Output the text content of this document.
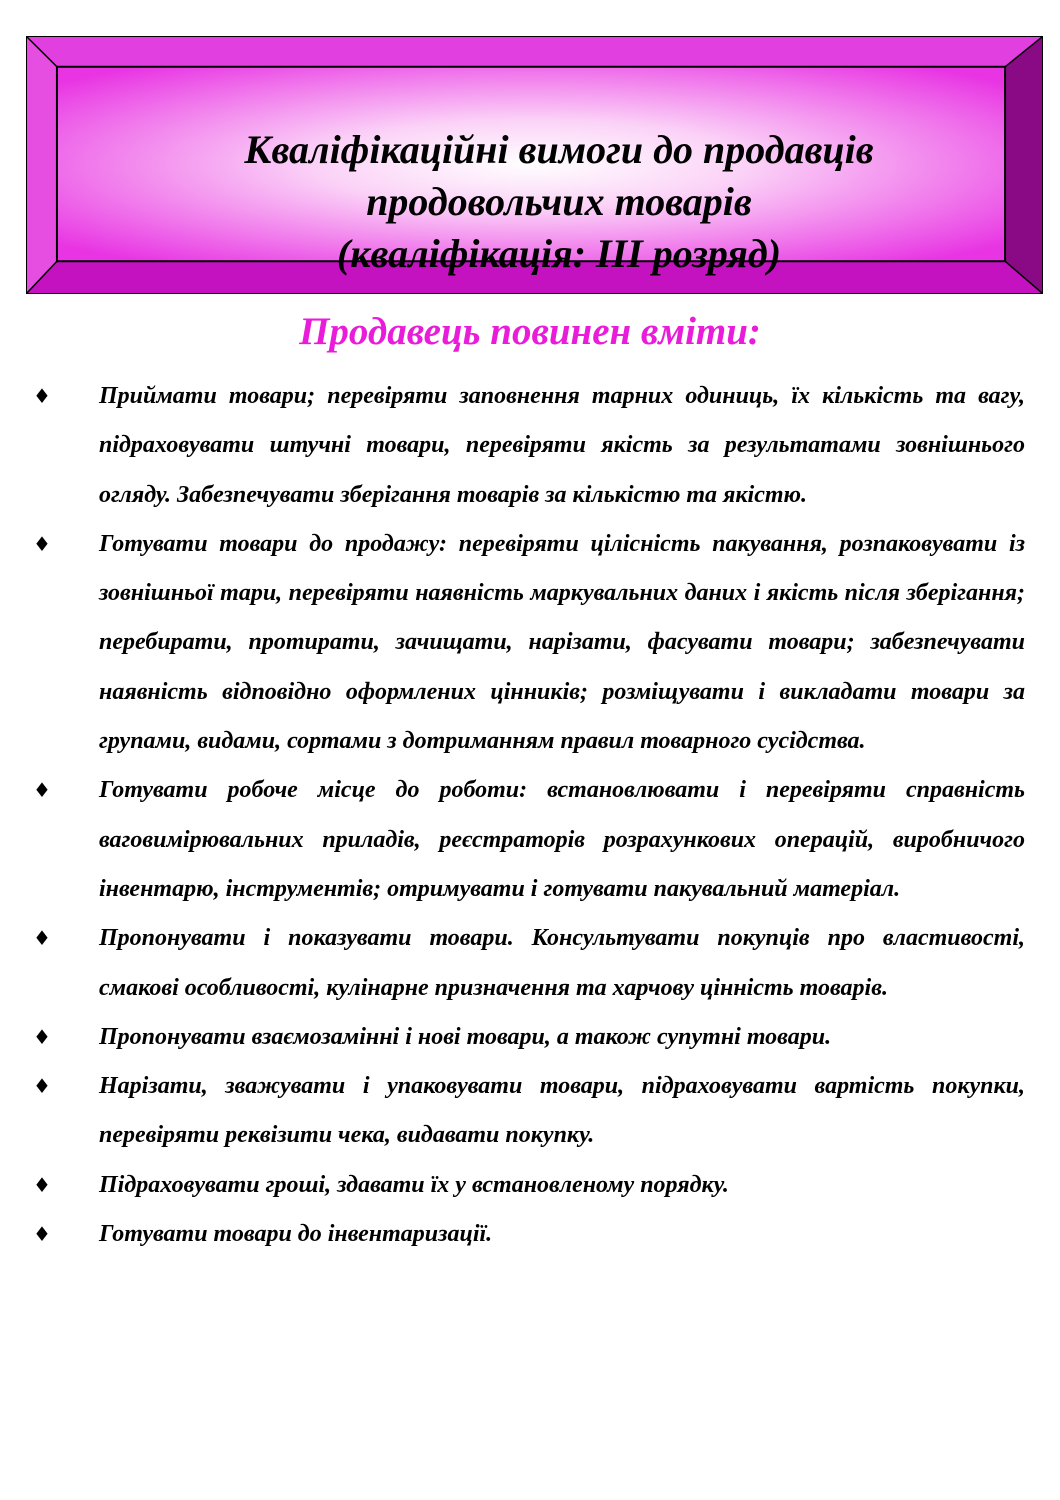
Кваліфікаційні вимоги до продавців
продовольчих товарів
(кваліфікація: ІІІ розряд)
Продавець повинен вміти:
♦ Приймати товари; перевіряти заповнення тарних одиниць, їх кількість та вагу, підраховувати штучні товари, перевіряти якість за результатами зовнішнього огляду. Забезпечувати зберігання товарів за кількістю та якістю.
♦ Готувати товари до продажу: перевіряти цілісність пакування, розпаковувати із зовнішньої тари, перевіряти наявність маркувальних даних і якість після зберігання; перебирати, протирати, зачищати, нарізати, фасувати товари; забезпечувати наявність відповідно оформлених цінників; розміщувати і викладати товари за групами, видами, сортами з дотриманням правил товарного сусідства.
♦ Готувати робоче місце до роботи: встановлювати і перевіряти справність ваговимірювальних приладів, реєстраторів розрахункових операцій, виробничого інвентарю, інструментів; отримувати і готувати пакувальний матеріал.
♦ Пропонувати і показувати товари. Консультувати покупців про властивості, смакові особливості, кулінарне призначення та харчову цінність товарів.
♦ Пропонувати взаємозамінні і нові товари, а також супутні товари.
♦ Нарізати, зважувати і упаковувати товари, підраховувати вартість покупки, перевіряти реквізити чека, видавати покупку.
♦ Підраховувати гроші, здавати їх у встановленому порядку.
♦ Готувати товари до інвентаризації.
